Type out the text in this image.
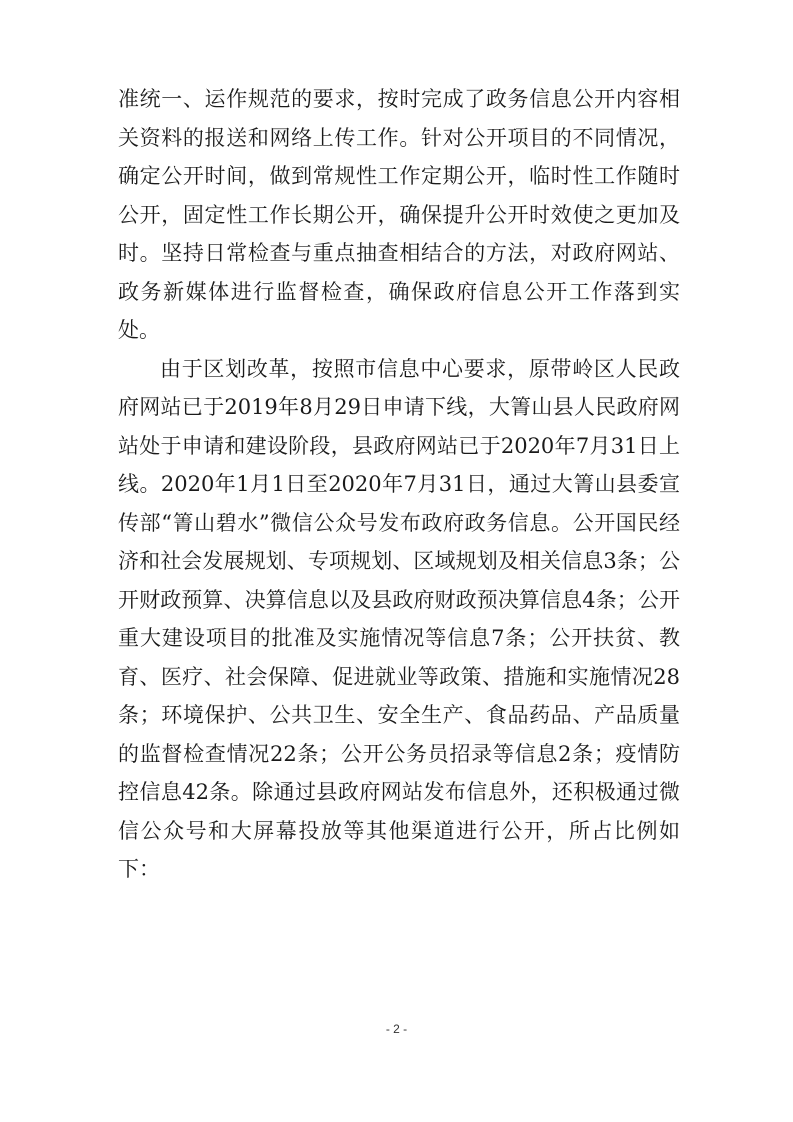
准统一、运作规范的要求，按时完成了政务信息公开内容相关资料的报送和网络上传工作。针对公开项目的不同情况，确定公开时间，做到常规性工作定期公开，临时性工作随时公开，固定性工作长期公开，确保提升公开时效使之更加及时。坚持日常检查与重点抽查相结合的方法，对政府网站、政务新媒体进行监督检查，确保政府信息公开工作落到实处。

由于区划改革，按照市信息中心要求，原带岭区人民政府网站已于2019年8月29日申请下线，大箐山县人民政府网站处于申请和建设阶段，县政府网站已于2020年7月31日上线。2020年1月1日至2020年7月31日，通过大箐山县委宣传部“箐山碧水”微信公众号发布政府政务信息。公开国民经济和社会发展规划、专项规划、区域规划及相关信息3条；公开财政预算、决算信息以及县政府财政预决算信息4条；公开重大建设项目的批准及实施情况等信息7条；公开扶贫、教育、医疗、社会保障、促进就业等政策、措施和实施情况28条；环境保护、公共卫生、安全生产、食品药品、产品质量的监督检查情况22条；公开公务员招录等信息2条；疫情防控信息42条。除通过县政府网站发布信息外，还积极通过微信公众号和大屏幕投放等其他渠道进行公开，所占比例如下：

- 2 -
